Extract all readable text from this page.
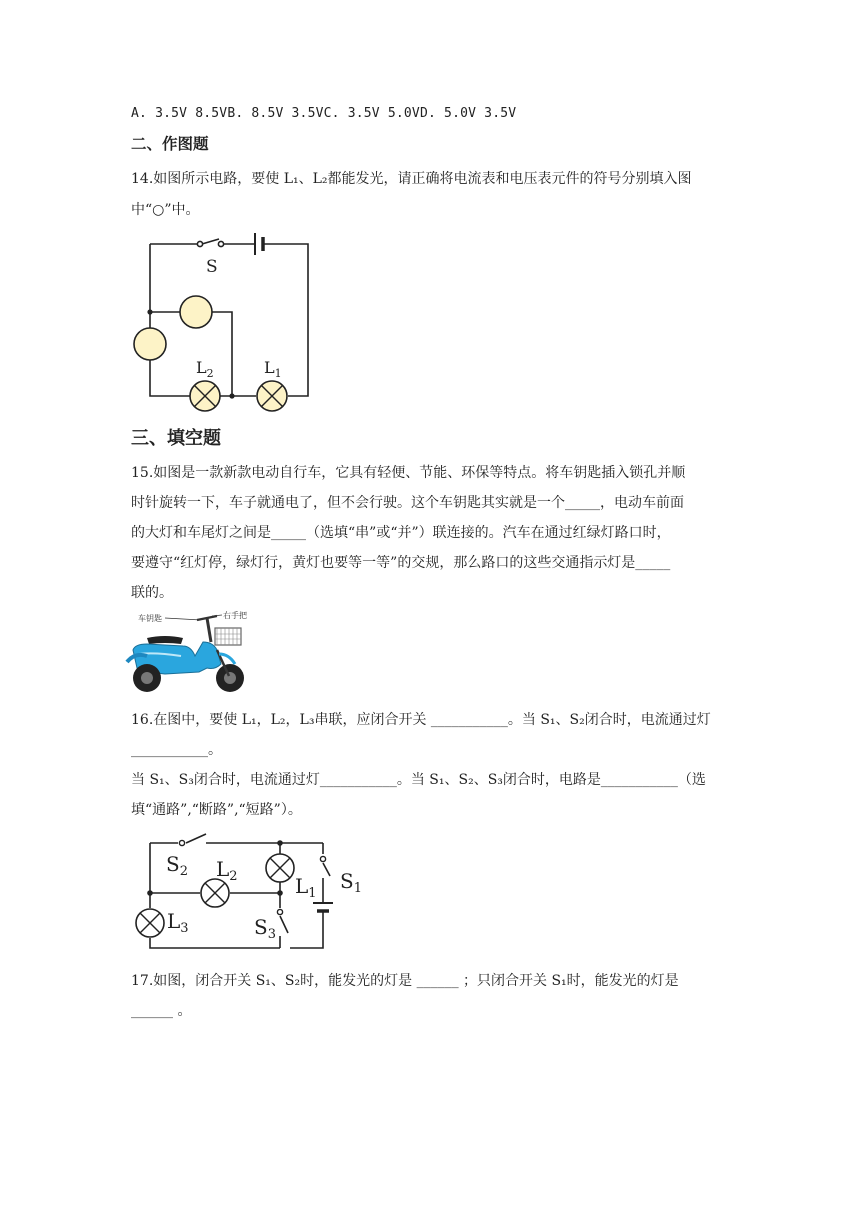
A. 3.5V 8.5VB. 8.5V 3.5VC. 3.5V 5.0VD. 5.0V 3.5V
二、作图题
14.如图所示电路，要使 L₁、L₂都能发光，请正确将电流表和电压表元件的符号分别填入图
中“○”中。
S
$L_2$	$L_1$
三、填空题
15.如图是一款新款电动自行车，它具有轻便、节能、环保等特点。将车钥匙插入锁孔并顺
时针旋转一下，车子就通电了，但不会行驶。这个车钥匙其实就是一个_____，电动车前面
的大灯和车尾灯之间是_____（选填“串”或“并”）联连接的。汽车在通过红绿灯路口时，
要遵守“红灯停，绿灯行，黄灯也要等一等”的交规，那么路口的这些交通指示灯是_____
联的。
车钥匙	右手把
16.在图中，要使 L₁，L₂，L₃串联，应闭合开关 ___________。当 S₁、S₂闭合时，电流通过灯
___________。
当 S₁、S₃闭合时，电流通过灯___________。当 S₁、S₂、S₃闭合时，电路是___________（选
填“通路”,“断路”,“短路”）。
$S_2$ $L_2$	$L_1$
$S_1$
$L_3$	$S_3$
17.如图，闭合开关 S₁、S₂时，能发光的灯是 ______ ；只闭合开关 S₁时，能发光的灯是
______ 。
